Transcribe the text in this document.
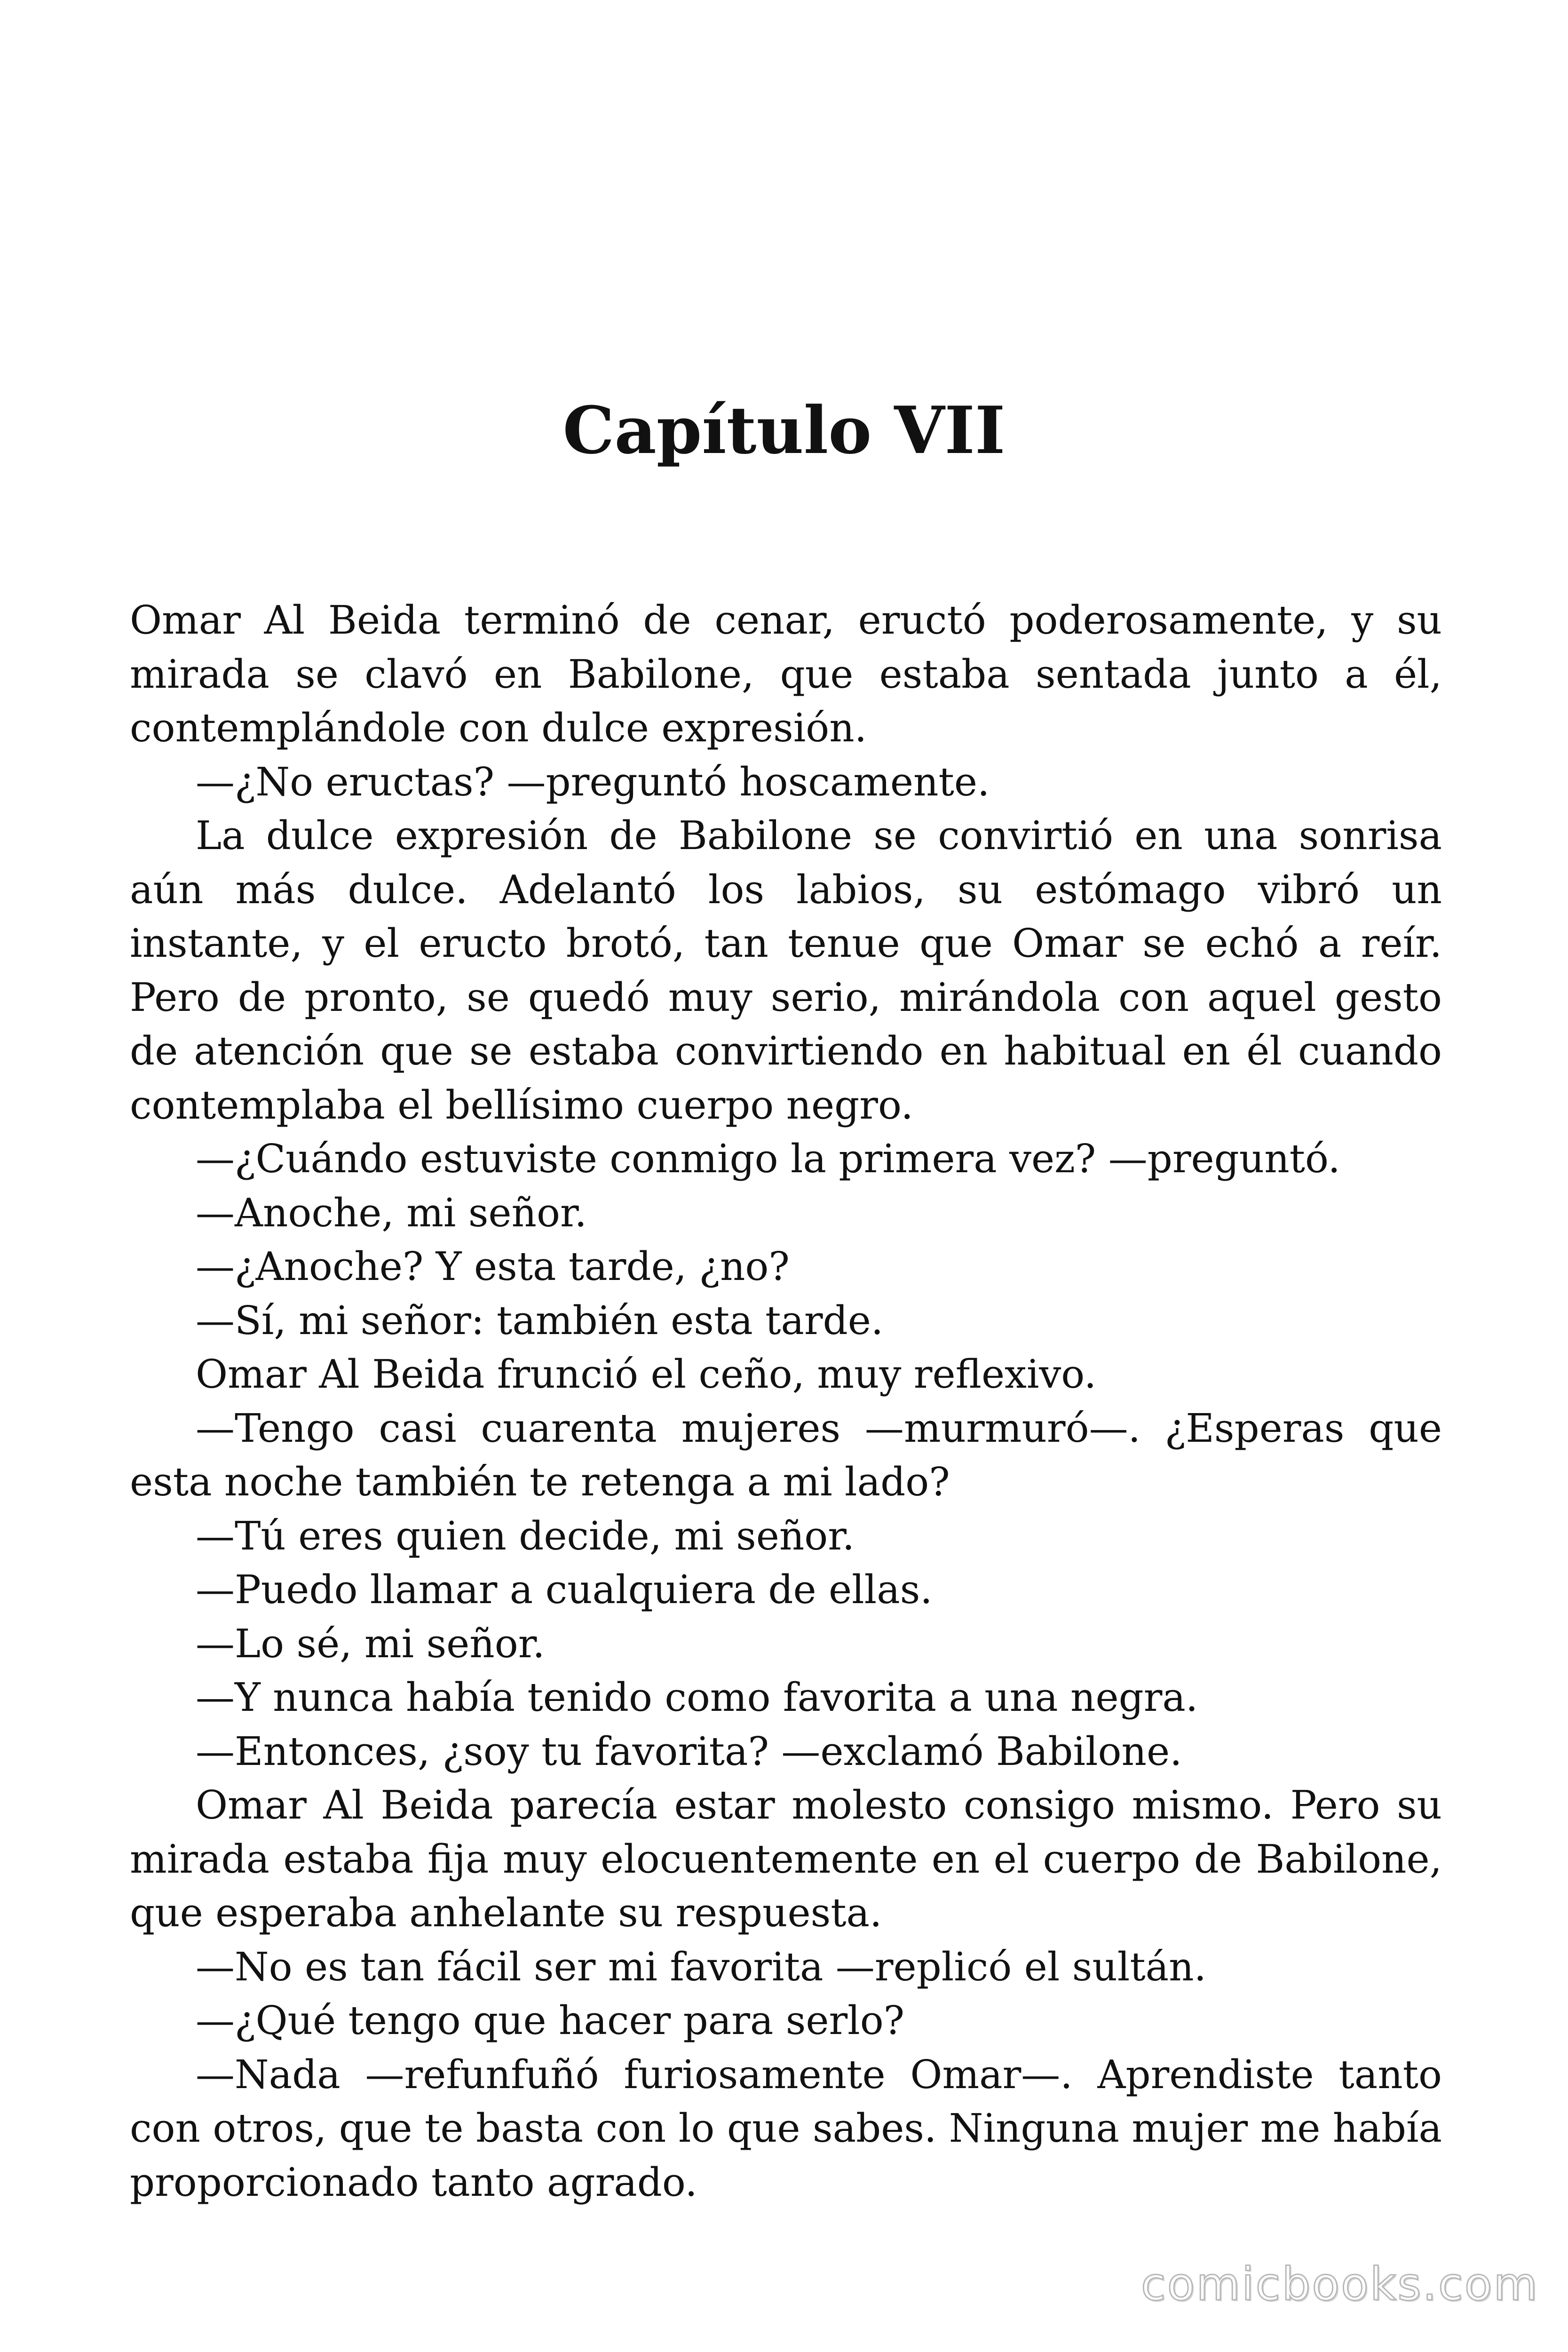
Capítulo VII

Omar Al Beida terminó de cenar, eructó poderosamente, y su mirada se clavó en Babilone, que estaba sentada junto a él, contemplándole con dulce expresión.

—¿No eructas? —preguntó hoscamente.

La dulce expresión de Babilone se convirtió en una sonrisa aún más dulce. Adelantó los labios, su estómago vibró un instante, y el eructo brotó, tan tenue que Omar se echó a reír. Pero de pronto, se quedó muy serio, mirándola con aquel gesto de atención que se estaba convirtiendo en habitual en él cuando contemplaba el bellísimo cuerpo negro.

—¿Cuándo estuviste conmigo la primera vez? —preguntó.

—Anoche, mi señor.

—¿Anoche? Y esta tarde, ¿no?

—Sí, mi señor: también esta tarde.

Omar Al Beida frunció el ceño, muy reflexivo.

—Tengo casi cuarenta mujeres —murmuró—. ¿Esperas que esta noche también te retenga a mi lado?

—Tú eres quien decide, mi señor.

—Puedo llamar a cualquiera de ellas.

—Lo sé, mi señor.

—Y nunca había tenido como favorita a una negra.

—Entonces, ¿soy tu favorita? —exclamó Babilone.

Omar Al Beida parecía estar molesto consigo mismo. Pero su mirada estaba fija muy elocuentemente en el cuerpo de Babilone, que esperaba anhelante su respuesta.

—No es tan fácil ser mi favorita —replicó el sultán.

—¿Qué tengo que hacer para serlo?

—Nada —refunfuñó furiosamente Omar—. Aprendiste tanto con otros, que te basta con lo que sabes. Ninguna mujer me había proporcionado tanto agrado.

comicbooks.com
